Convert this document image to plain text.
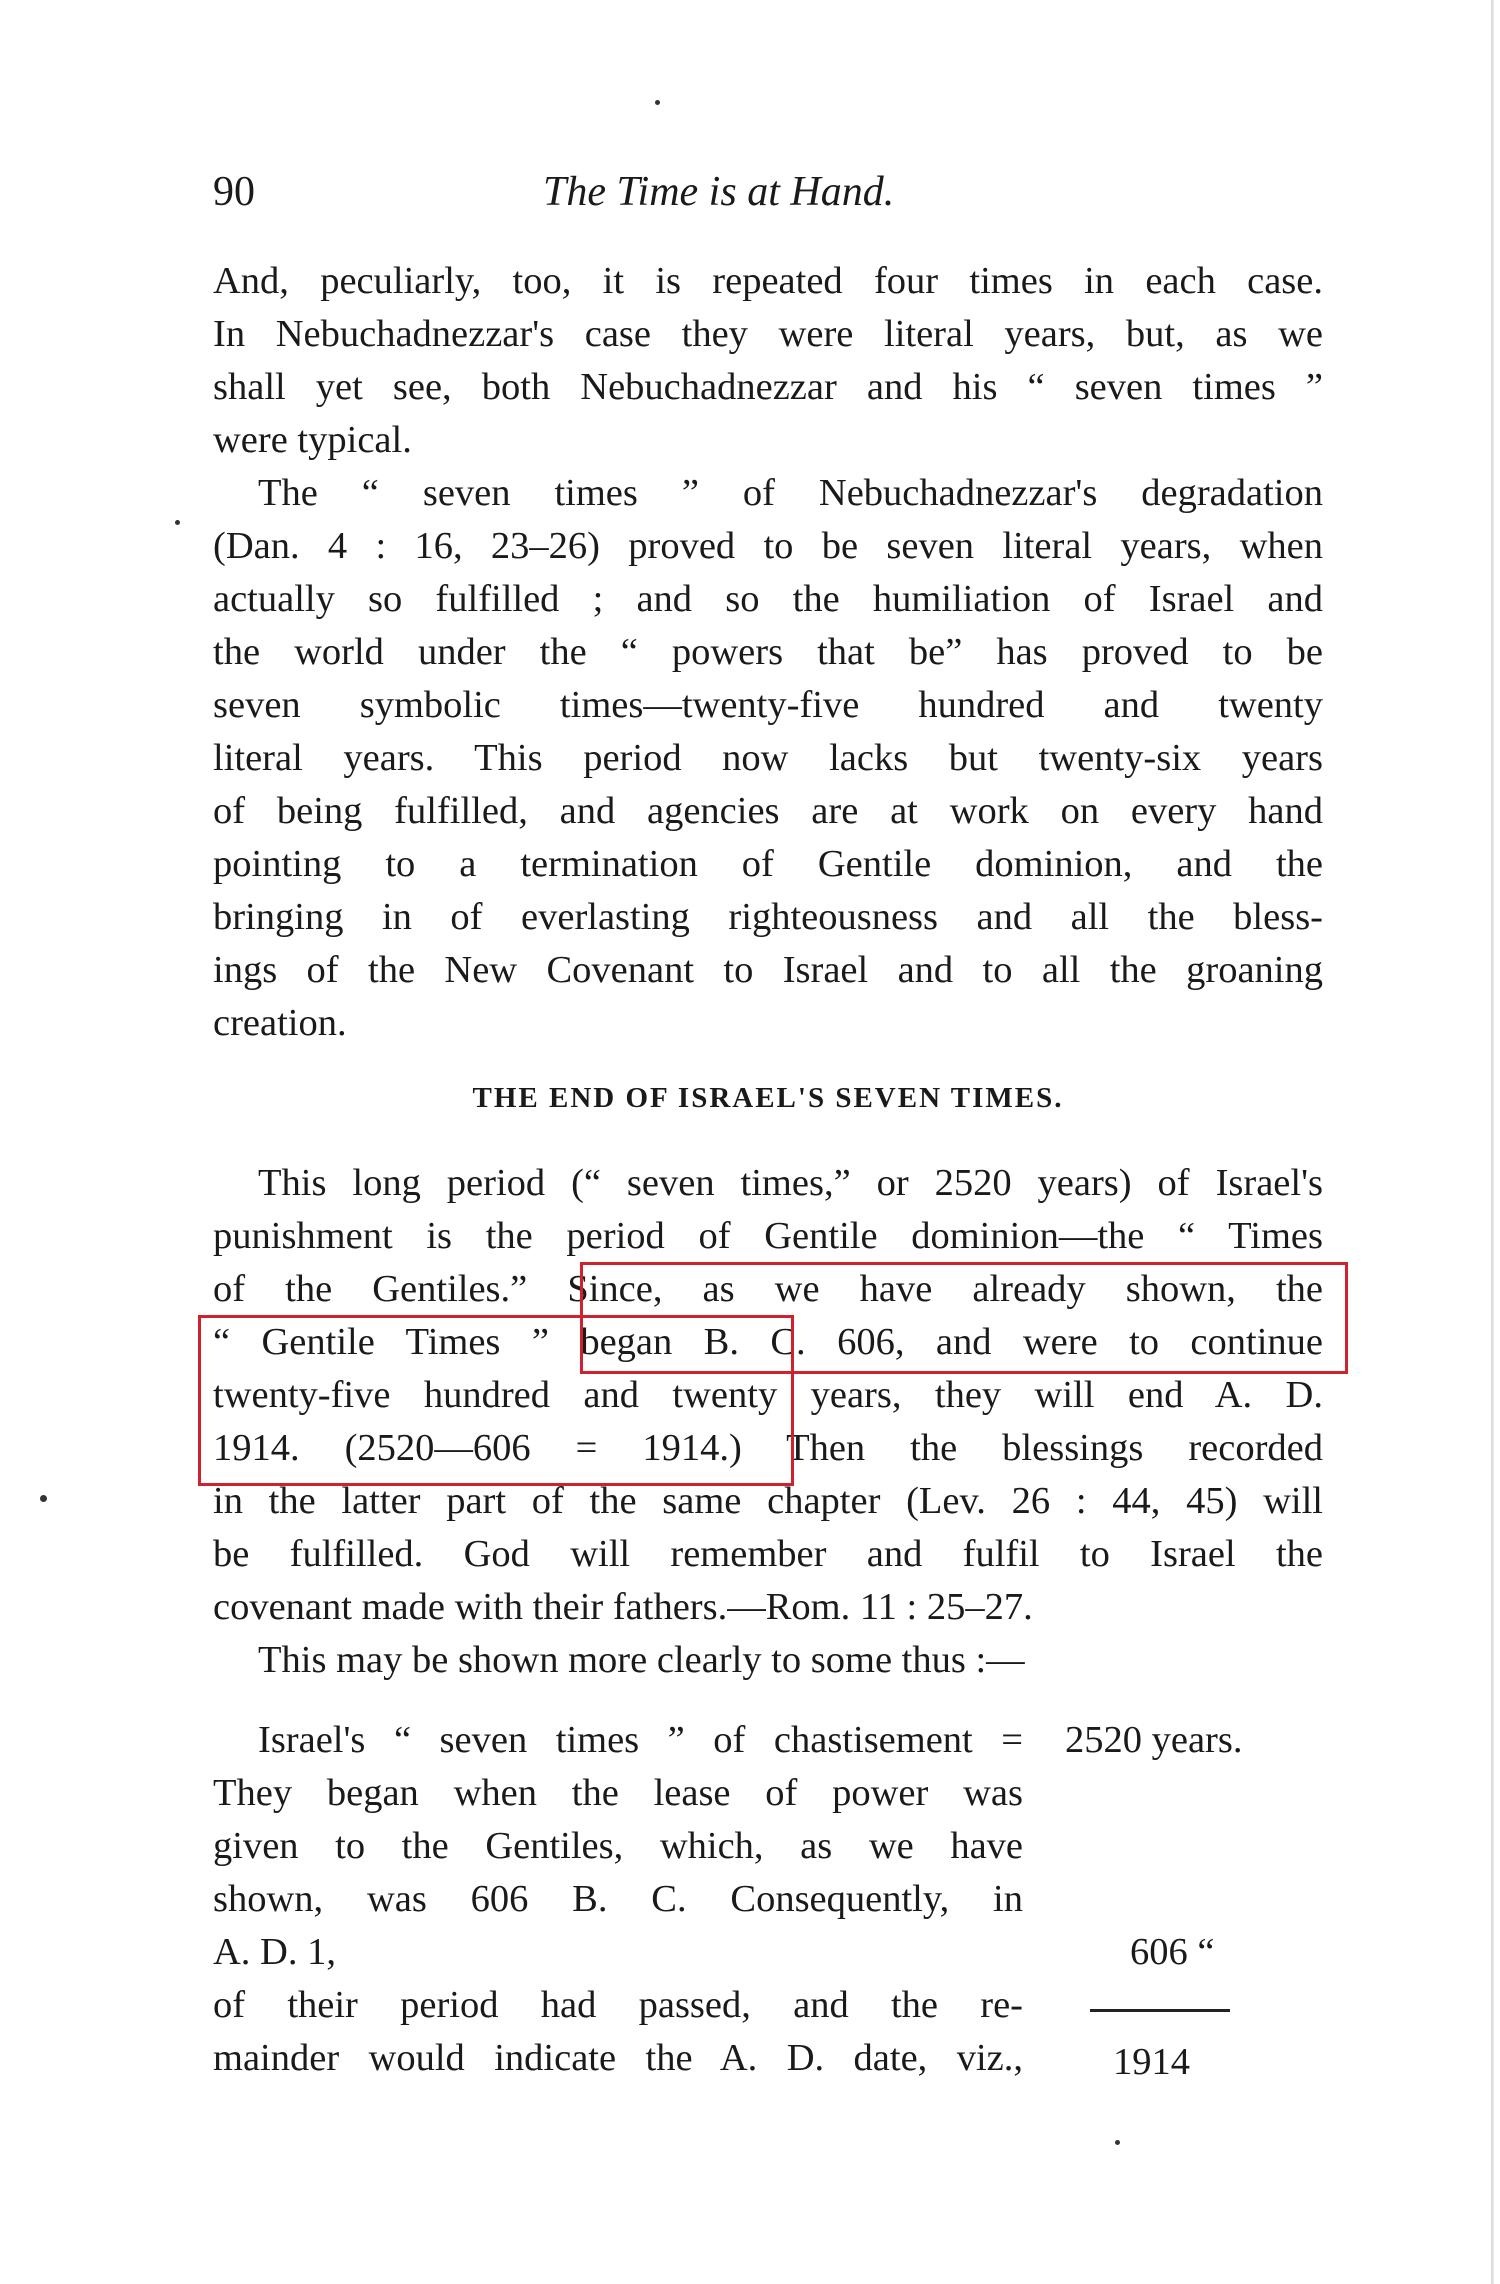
90	The Time is at Hand.
And, peculiarly, too, it is repeated four times in each case.
In Nebuchadnezzar's case they were literal years, but, as we
shall yet see, both Nebuchadnezzar and his “ seven times ”
were typical.
The “ seven times ” of Nebuchadnezzar's degradation
(Dan. 4 : 16, 23–26) proved to be seven literal years, when
actually so fulfilled ; and so the humiliation of Israel and
the world under the “ powers that be” has proved to be
seven symbolic times—twenty-five hundred and twenty
literal years. This period now lacks but twenty-six years
of being fulfilled, and agencies are at work on every hand
pointing to a termination of Gentile dominion, and the
bringing in of everlasting righteousness and all the bless-
ings of the New Covenant to Israel and to all the groaning
creation.
THE END OF ISRAEL'S SEVEN TIMES.
This long period (“ seven times,” or 2520 years) of Israel's
punishment is the period of Gentile dominion—the “ Times
of the Gentiles.” Since, as we have already shown, the
“ Gentile Times ” began B. C. 606, and were to continue
twenty-five hundred and twenty years, they will end A. D.
1914. (2520—606 = 1914.) Then the blessings recorded
in the latter part of the same chapter (Lev. 26 : 44, 45) will
be fulfilled. God will remember and fulfil to Israel the
covenant made with their fathers.—Rom. 11 : 25–27.
This may be shown more clearly to some thus :—
Israel's “ seven times ” of chastisement =
They began when the lease of power was
given to the Gentiles, which, as we have
shown, was 606 B. C. Consequently, in
A. D. 1,
of their period had passed, and the re-
mainder would indicate the A. D. date, viz.,
2520 years.
606 “
1914
